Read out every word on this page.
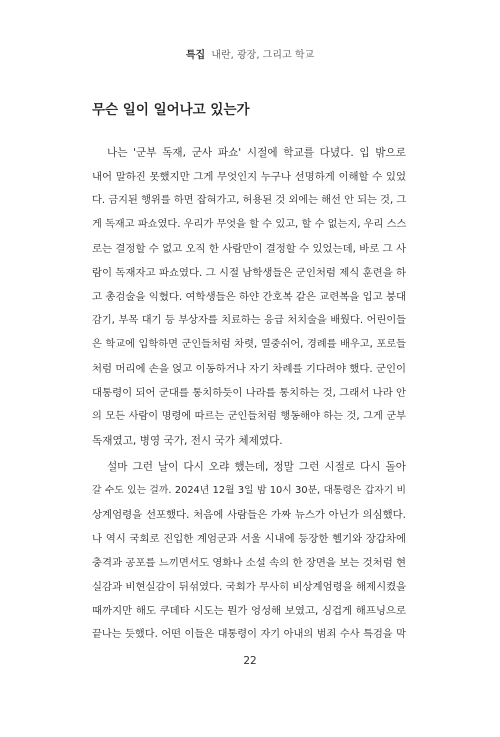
특집 내란, 광장, 그리고 학교
무슨 일이 일어나고 있는가
나는 '군부 독재, 군사 파쇼' 시절에 학교를 다녔다. 입 밖으로
내어 말하진 못했지만 그게 무엇인지 누구나 선명하게 이해할 수 있었
다. 금지된 행위를 하면 잡혀가고, 허용된 것 외에는 해선 안 되는 것, 그
게 독재고 파쇼였다. 우리가 무엇을 할 수 있고, 할 수 없는지, 우리 스스
로는 결정할 수 없고 오직 한 사람만이 결정할 수 있었는데, 바로 그 사
람이 독재자고 파쇼였다. 그 시절 남학생들은 군인처럼 제식 훈련을 하
고 총검술을 익혔다. 여학생들은 하얀 간호복 같은 교련복을 입고 붕대
감기, 부목 대기 등 부상자를 치료하는 응급 처치술을 배웠다. 어린이들
은 학교에 입학하면 군인들처럼 차렷, 열중쉬어, 경례를 배우고, 포로들
처럼 머리에 손을 얹고 이동하거나 자기 차례를 기다려야 했다. 군인이
대통령이 되어 군대를 통치하듯이 나라를 통치하는 것, 그래서 나라 안
의 모든 사람이 명령에 따르는 군인들처럼 행동해야 하는 것, 그게 군부
독재였고, 병영 국가, 전시 국가 체제였다.
설마 그런 날이 다시 오랴 했는데, 정말 그런 시절로 다시 돌아
갈 수도 있는 걸까. 2024년 12월 3일 밤 10시 30분, 대통령은 갑자기 비
상계엄령을 선포했다. 처음에 사람들은 가짜 뉴스가 아닌가 의심했다.
나 역시 국회로 진입한 계엄군과 서울 시내에 등장한 헬기와 장갑차에
충격과 공포를 느끼면서도 영화나 소설 속의 한 장면을 보는 것처럼 현
실감과 비현실감이 뒤섞였다. 국회가 무사히 비상계엄령을 해제시켰을
때까지만 해도 쿠데타 시도는 뭔가 엉성해 보였고, 싱겁게 해프닝으로
끝나는 듯했다. 어떤 이들은 대통령이 자기 아내의 범죄 수사 특검을 막
22
